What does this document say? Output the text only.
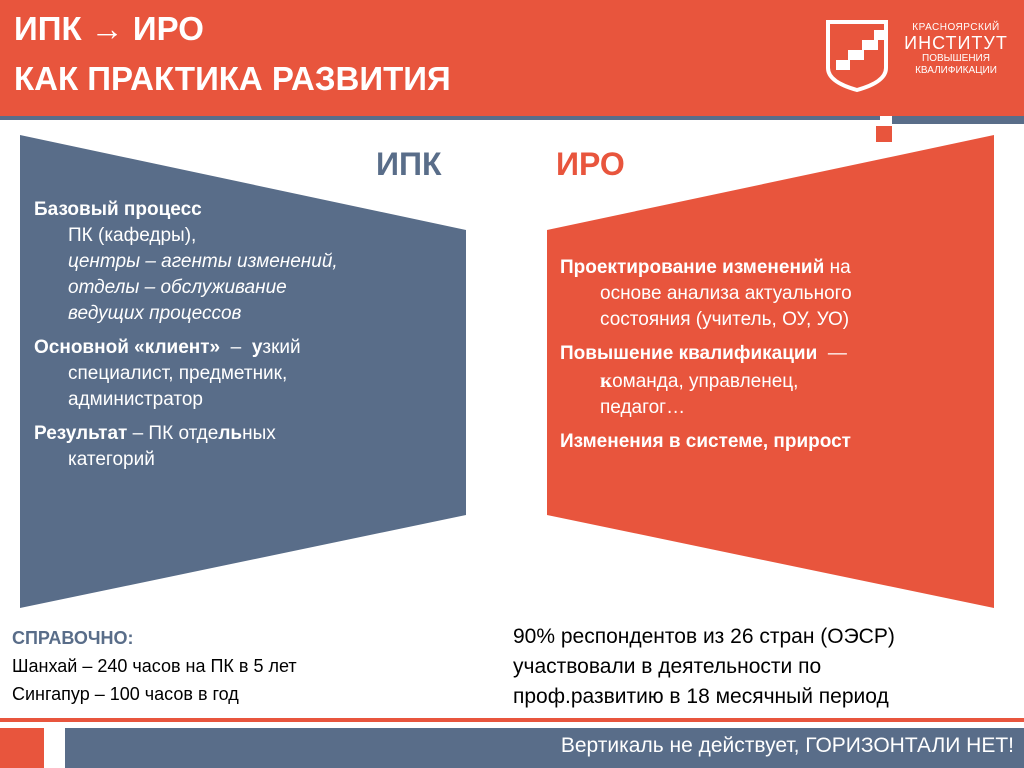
ИПК → ИРО
КАК ПРАКТИКА РАЗВИТИЯ
КРАСНОЯРСКИЙ
ИНСТИТУТ
ПОВЫШЕНИЯ
КВАЛИФИКАЦИИ
ИПК	ИРО
Базовый процесс
ПК (кафедры),
центры – агенты изменений,
отделы – обслуживание
ведущих процессов
Основной «клиент»  –  узкий
специалист, предметник,
администратор
Результат – ПК отдельных
категорий
Проектирование изменений на
основе анализа актуального
состояния (учитель, ОУ, УО)
Повышение квалификации  —
команда, управленец,
педагог…
Изменения в системе, прирост
СПРАВОЧНО:
Шанхай – 240 часов на ПК в 5 лет
Сингапур – 100 часов в год
90% респондентов из 26 стран (ОЭСР)
участвовали в деятельности по
проф.развитию в 18 месячный период
Вертикаль не действует, ГОРИЗОНТАЛИ НЕТ!
